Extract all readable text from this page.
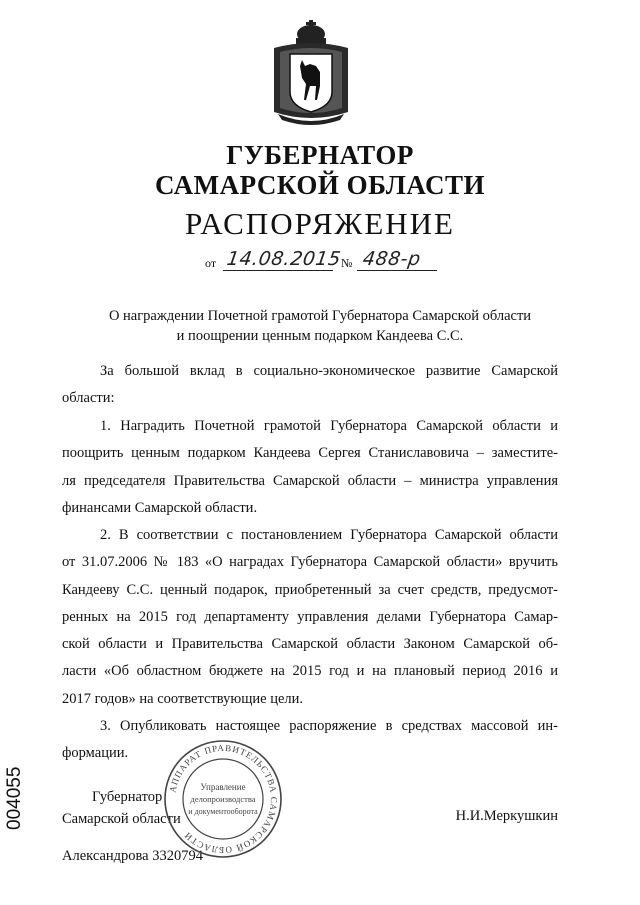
ГУБЕРНАТОР
САМАРСКОЙ ОБЛАСТИ
РАСПОРЯЖЕНИЕ
от 14.08.2015
№ 488-р
О награждении Почетной грамотой Губернатора Самарской области
и поощрении ценным подарком Кандеева С.С.
За большой вклад в социально-экономическое развитие Самарской
области:
1. Наградить Почетной грамотой Губернатора Самарской области и
поощрить ценным подарком Кандеева Сергея Станиславовича – заместите-
ля председателя Правительства Самарской области – министра управления
финансами Самарской области.
2. В соответствии с постановлением Губернатора Самарской области
от 31.07.2006 № 183 «О наградах Губернатора Самарской области» вручить
Кандееву С.С. ценный подарок, приобретенный за счет средств, предусмот-
ренных на 2015 год департаменту управления делами Губернатора Самар-
ской области и Правительства Самарской области Законом Самарской об-
ласти «Об областном бюджете на 2015 год и на плановый период 2016 и
2017 годов» на соответствующие цели.
3. Опубликовать настоящее распоряжение в средствах массовой ин-
формации.
Губернатор
Самарской области	Н.И.Меркушкин
Александрова 3320794
004055	АППАРАТ ПРАВИТЕЛЬСТВА САМАРСКОЙ ОБЛАСТИ
Управление
делопроизводства
и документооборота
